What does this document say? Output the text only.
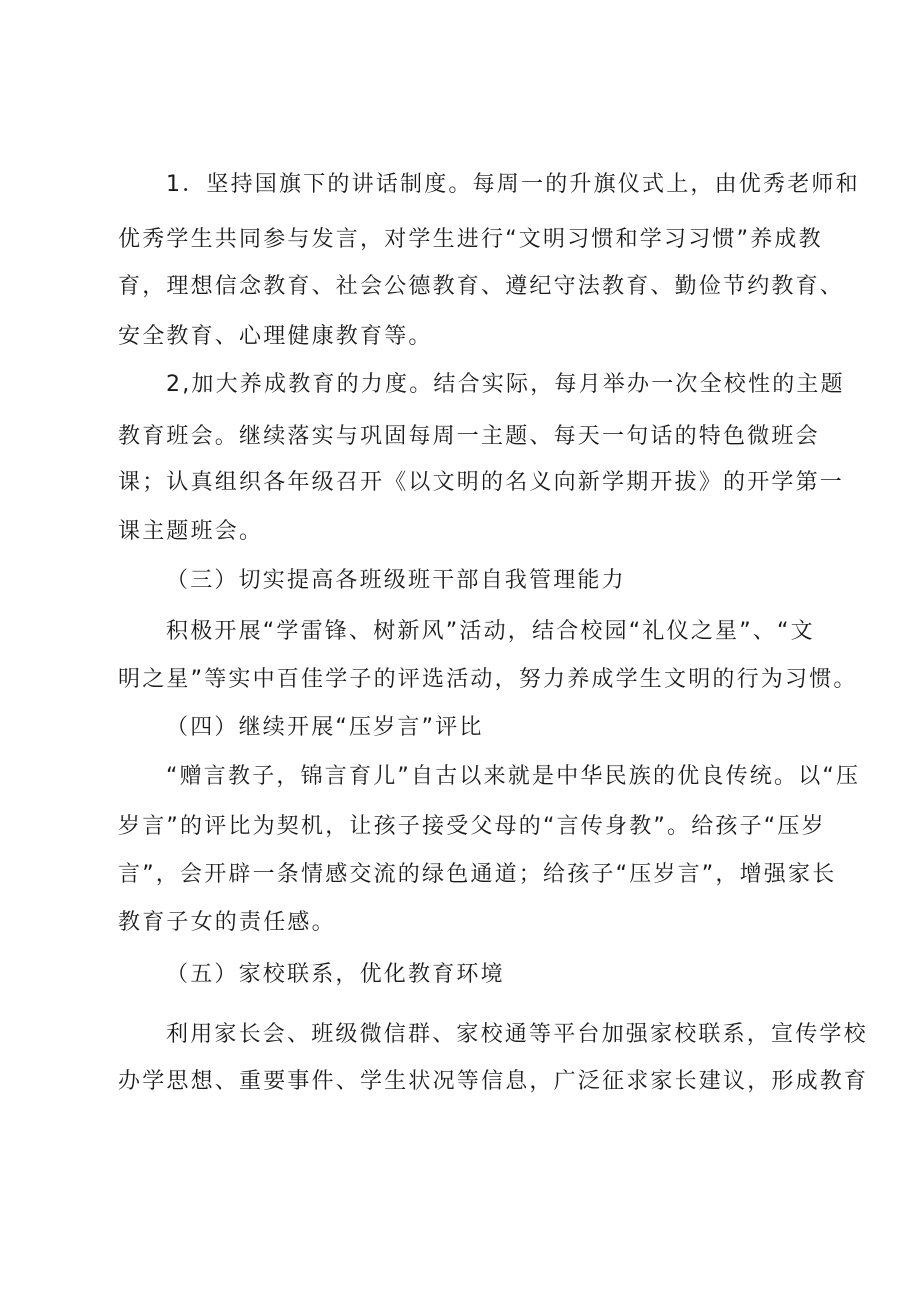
1．坚持国旗下的讲话制度。每周一的升旗仪式上，由优秀老师和
优秀学生共同参与发言，对学生进行“文明习惯和学习习惯”养成教
育，理想信念教育、社会公德教育、遵纪守法教育、勤俭节约教育、
安全教育、心理健康教育等。
2,加大养成教育的力度。结合实际，每月举办一次全校性的主题
教育班会。继续落实与巩固每周一主题、每天一句话的特色微班会
课；认真组织各年级召开《以文明的名义向新学期开拔》的开学第一
课主题班会。
（三）切实提高各班级班干部自我管理能力
积极开展“学雷锋、树新风”活动，结合校园“礼仪之星”、“文
明之星”等实中百佳学子的评选活动，努力养成学生文明的行为习惯。
（四）继续开展“压岁言”评比
“赠言教子，锦言育儿”自古以来就是中华民族的优良传统。以“压
岁言”的评比为契机，让孩子接受父母的“言传身教”。给孩子“压岁
言”，会开辟一条情感交流的绿色通道；给孩子“压岁言”，增强家长
教育子女的责任感。
（五）家校联系，优化教育环境
利用家长会、班级微信群、家校通等平台加强家校联系，宣传学校
办学思想、重要事件、学生状况等信息，广泛征求家长建议，形成教育
